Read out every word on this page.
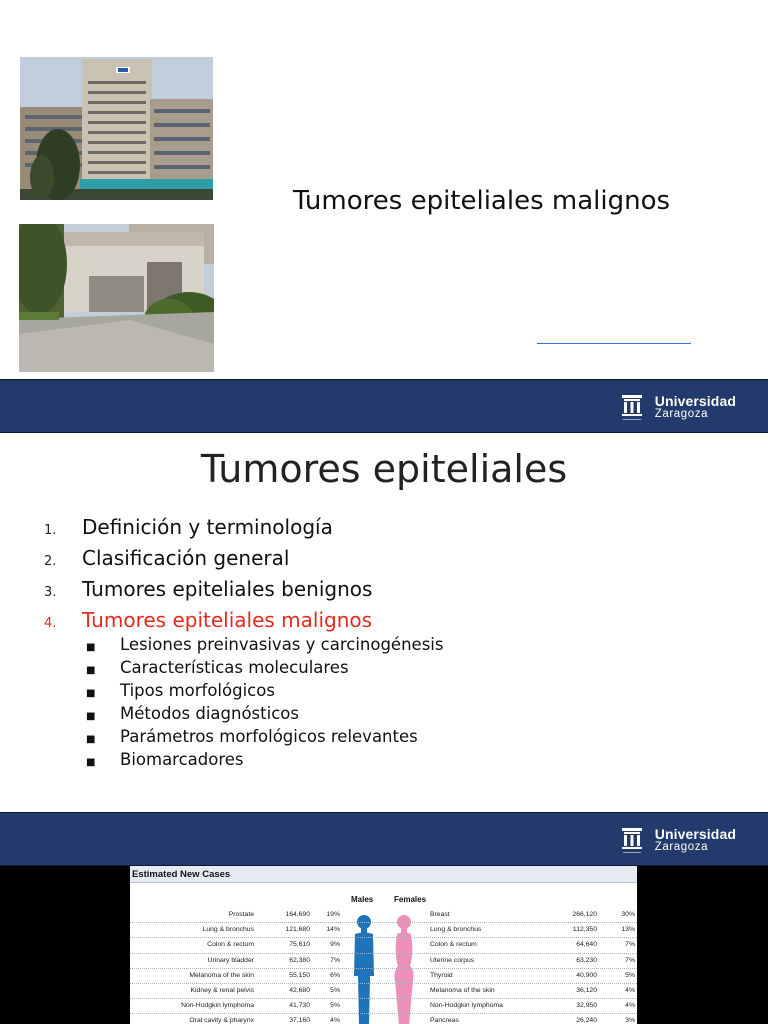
Tumores epiteliales malignos
Universidad
Zaragoza
Tumores epiteliales
1.	Definición y terminología
2.	Clasificación general
3.	Tumores epiteliales benignos
4.	Tumores epiteliales malignos
■	Lesiones preinvasivas y carcinogénesis
■	Características moleculares
■	Tipos morfológicos
■	Métodos diagnósticos
■	Parámetros morfológicos relevantes
■	Biomarcadores
Universidad
Zaragoza
Estimated New Cases
Males	Females
Prostate	164,690 19%	Breast	266,120	30%
Lung & bronchus	121,680 14%	Lung & bronchus	112,350	13%
Colon & rectum	75,610	9%	Colon & rectum	64,640	7%
Urinary bladder	62,380	7%	Uterine corpus	63,230	7%
Melanoma of the skin	55,150	6%	Thyroid	40,900	5%
Kidney & renal pelvis	42,680	5%	Melanoma of the skin	36,120	4%
Non-Hodgkin lymphoma	41,730	5%	Non-Hodgkin lymphoma	32,950	4%
Oral cavity & pharynx	37,160	4%	Pancreas	26,240	3%
